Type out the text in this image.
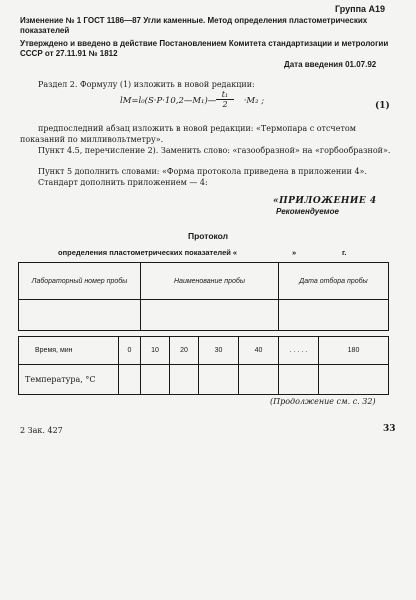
Группа А19
Изменение № 1 ГОСТ 1186—87 Угли каменные. Метод определения пластометрических показателей
Утверждено и введено в действие Постановлением Комитета стандартизации и метрологии СССР от 27.11.91 № 1812
Дата введения 01.07.92
Раздел 2. Формулу (1) изложить в новой редакции:
lM=l₀(S·P·10,2—M₁)—	·M₂ ;
$\frac{\text{t₁}}{2}$	(1)
предпоследний абзац изложить в новой редакции: «Термопара с отсчетом показаний по милливольтметру».
Пункт 4.5, перечисление 2). Заменить слово: «газообразной» на «горбообразной».
Пункт 5 дополнить словами: «Форма протокола приведена в приложении 4».
Стандарт дополнить приложением — 4:
«ПРИЛОЖЕНИЕ 4
Рекомендуемое
Протокол
определения пластометрических показателей «	»	г.
Лабораторный номер пробы		Наименование пробы				Дата отбора пробы	

Время, мин	0	10	20	30	40	. . . . .	180
Температура, °С							
(Продолжение см. с. 32)
2 Зак. 427	33
